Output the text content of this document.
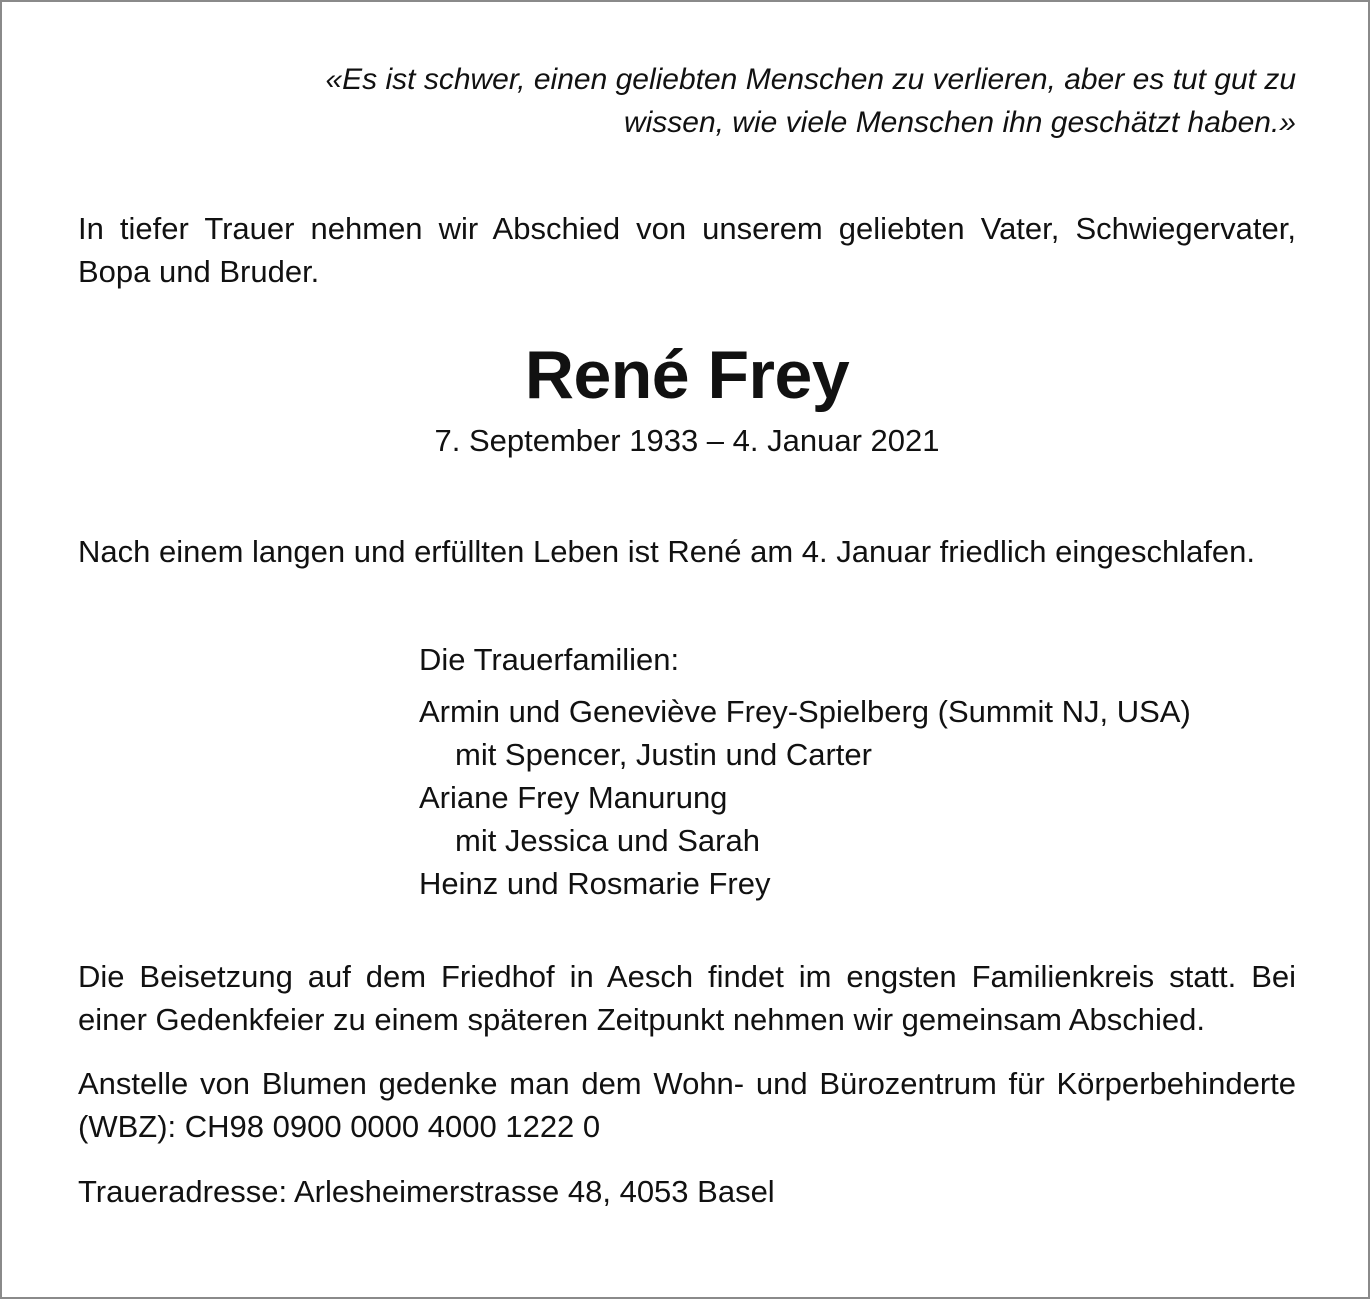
«Es ist schwer, einen geliebten Menschen zu verlieren, aber es tut gut zu
wissen, wie viele Menschen ihn geschätzt haben.»

In tiefer Trauer nehmen wir Abschied von unserem geliebten Vater, Schwiegervater, Bopa und Bruder.

René Frey

7. September 1933 – 4. Januar 2021

Nach einem langen und erfüllten Leben ist René am 4. Januar friedlich eingeschlafen.

Die Trauerfamilien:

Armin und Geneviève Frey-Spielberg (Summit NJ, USA)

mit Spencer, Justin und Carter

Ariane Frey Manurung

mit Jessica und Sarah

Heinz und Rosmarie Frey

Die Beisetzung auf dem Friedhof in Aesch findet im engsten Familienkreis statt. Bei einer Gedenkfeier zu einem späteren Zeitpunkt nehmen wir gemeinsam Abschied.

Anstelle von Blumen gedenke man dem Wohn- und Bürozentrum für Körperbehinderte (WBZ): CH98 0900 0000 4000 1222 0

Traueradresse: Arlesheimerstrasse 48, 4053 Basel
